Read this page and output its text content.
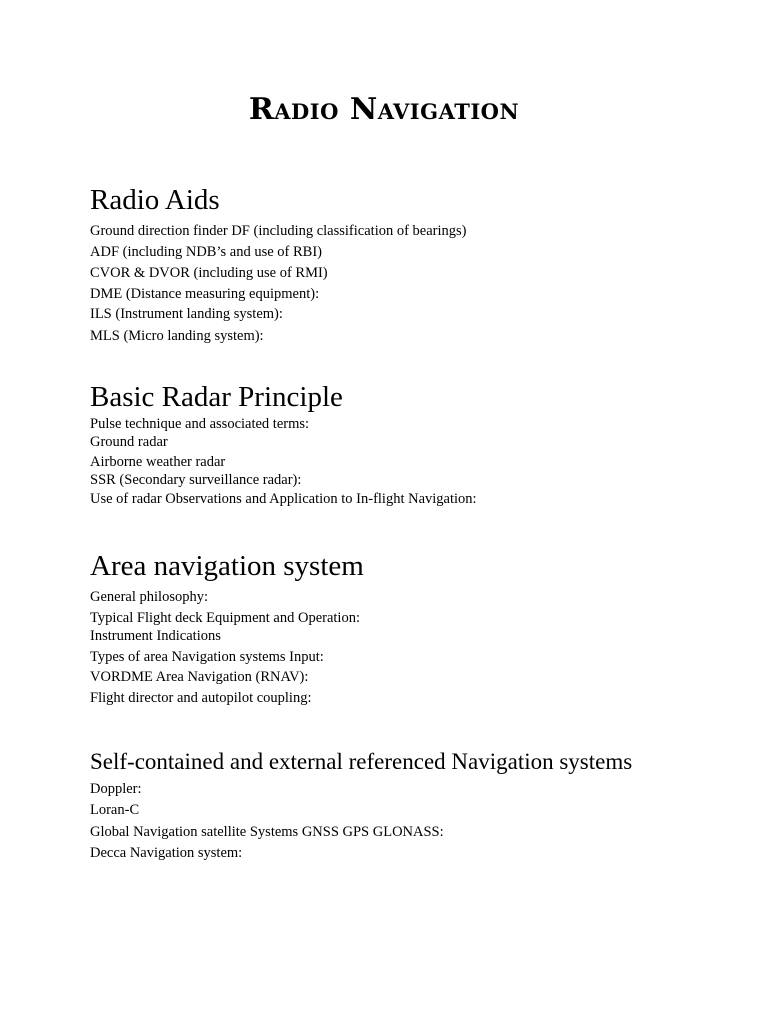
Radio Navigation
Radio Aids

Ground direction finder DF (including classification of bearings)

ADF (including NDB’s and use of RBI)

CVOR & DVOR (including use of RMI)

DME (Distance measuring equipment):

ILS (Instrument landing system):

MLS (Micro landing system):

Basic Radar Principle

Pulse technique and associated terms:

Ground radar

Airborne weather radar

SSR (Secondary surveillance radar):

Use of radar Observations and Application to In-flight Navigation:

Area navigation system

General philosophy:

Typical Flight deck Equipment and Operation:

Instrument Indications

Types of area Navigation systems Input:

VORDME Area Navigation (RNAV):

Flight director and autopilot coupling:

Self-contained and external referenced Navigation systems

Doppler:

Loran-C

Global Navigation satellite Systems GNSS GPS GLONASS:

Decca Navigation system:
